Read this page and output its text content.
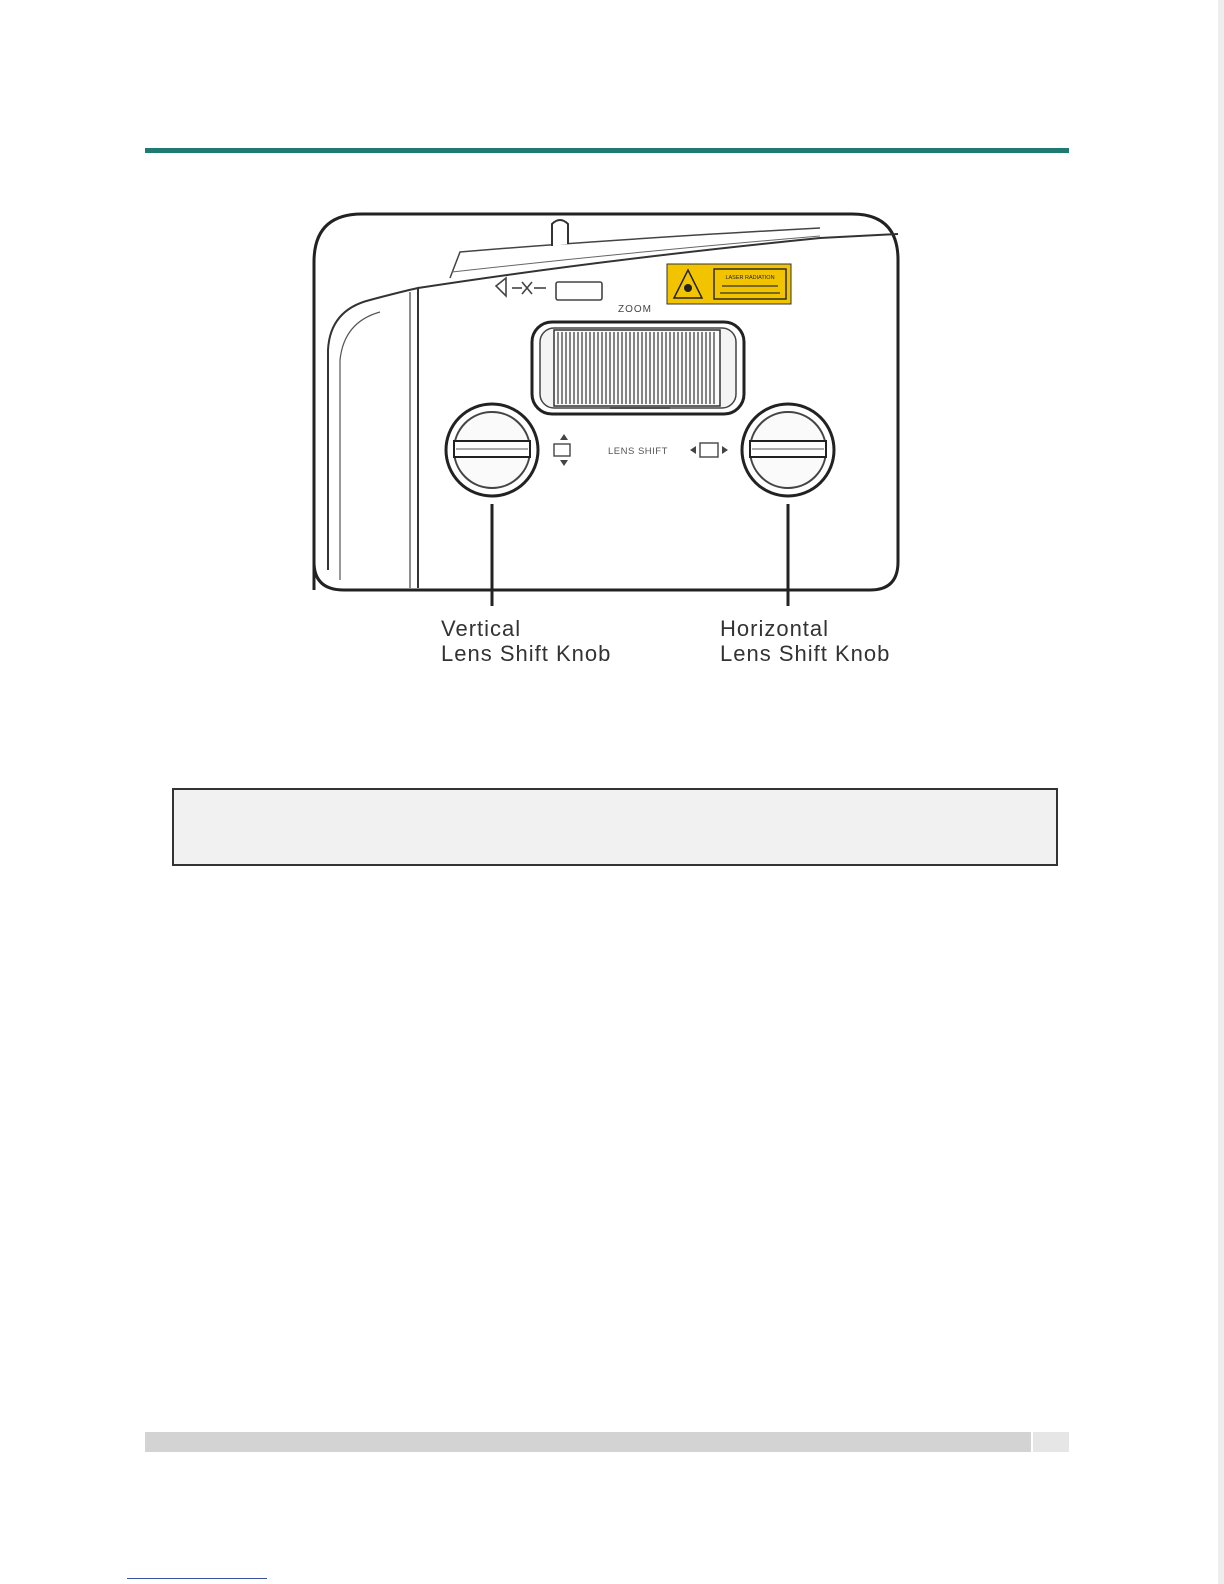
ZOOM
LASER RADIATION
LENS SHIFT
Vertical
Lens Shift Knob
Horizontal
Lens Shift Knob
